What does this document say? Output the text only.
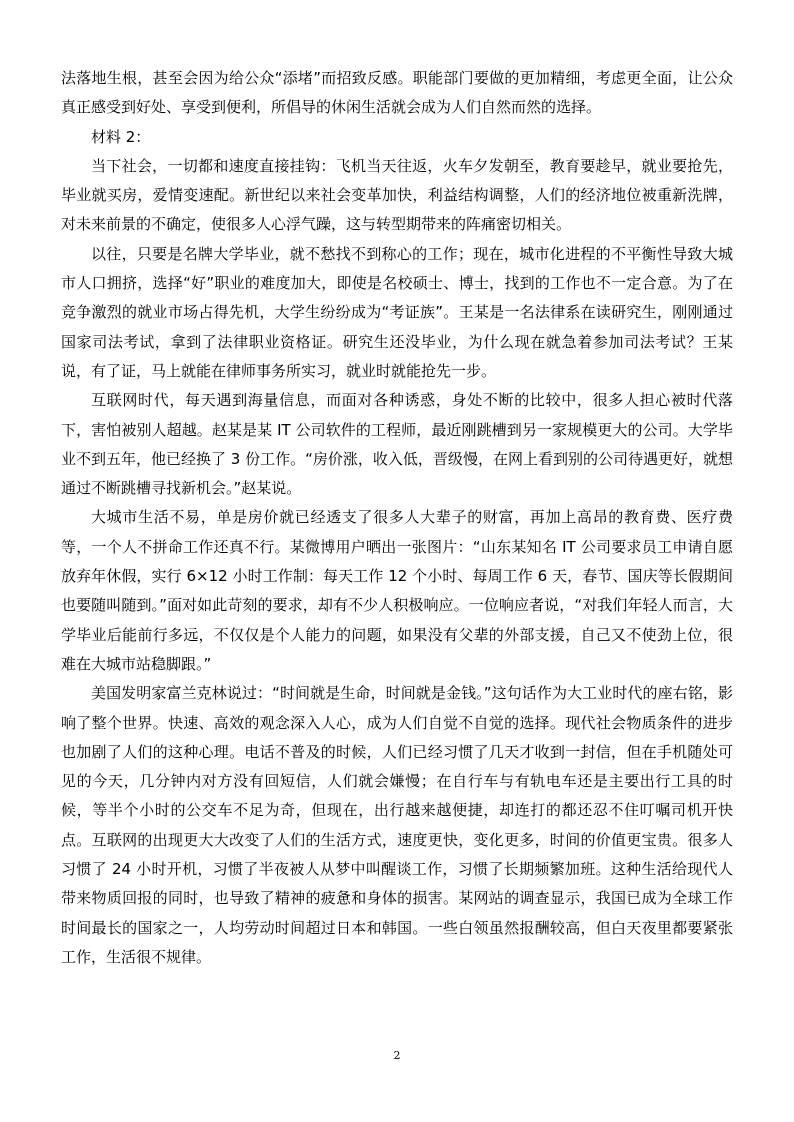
法落地生根，甚至会因为给公众“添堵”而招致反感。职能部门要做的更加精细，考虑更全面，让公众真正感受到好处、享受到便利，所倡导的休闲生活就会成为人们自然而然的选择。

材料 2：

当下社会，一切都和速度直接挂钩：飞机当天往返，火车夕发朝至，教育要趁早，就业要抢先，毕业就买房，爱情变速配。新世纪以来社会变革加快，利益结构调整，人们的经济地位被重新洗牌，对未来前景的不确定，使很多人心浮气躁，这与转型期带来的阵痛密切相关。

以往，只要是名牌大学毕业，就不愁找不到称心的工作；现在，城市化进程的不平衡性导致大城市人口拥挤，选择“好”职业的难度加大，即使是名校硕士、博士，找到的工作也不一定合意。为了在竞争激烈的就业市场占得先机，大学生纷纷成为“考证族”。王某是一名法律系在读研究生，刚刚通过国家司法考试，拿到了法律职业资格证。研究生还没毕业，为什么现在就急着参加司法考试？王某说，有了证，马上就能在律师事务所实习，就业时就能抢先一步。

互联网时代，每天遇到海量信息，而面对各种诱惑，身处不断的比较中，很多人担心被时代落下，害怕被别人超越。赵某是某 IT 公司软件的工程师，最近刚跳槽到另一家规模更大的公司。大学毕业不到五年，他已经换了 3 份工作。“房价涨，收入低，晋级慢，在网上看到别的公司待遇更好，就想通过不断跳槽寻找新机会。”赵某说。

大城市生活不易，单是房价就已经透支了很多人大辈子的财富，再加上高昂的教育费、医疗费等，一个人不拼命工作还真不行。某微博用户晒出一张图片：“山东某知名 IT 公司要求员工申请自愿放弃年休假，实行 6×12 小时工作制：每天工作 12 个小时、每周工作 6 天，春节、国庆等长假期间也要随叫随到。”面对如此苛刻的要求，却有不少人积极响应。一位响应者说，“对我们年轻人而言，大学毕业后能前行多远，不仅仅是个人能力的问题，如果没有父辈的外部支援，自己又不使劲上位，很难在大城市站稳脚跟。”

美国发明家富兰克林说过：“时间就是生命，时间就是金钱。”这句话作为大工业时代的座右铭，影响了整个世界。快速、高效的观念深入人心，成为人们自觉不自觉的选择。现代社会物质条件的进步也加剧了人们的这种心理。电话不普及的时候，人们已经习惯了几天才收到一封信，但在手机随处可见的今天，几分钟内对方没有回短信，人们就会嫌慢；在自行车与有轨电车还是主要出行工具的时候，等半个小时的公交车不足为奇，但现在，出行越来越便捷，却连打的都还忍不住叮嘱司机开快点。互联网的出现更大大改变了人们的生活方式，速度更快，变化更多，时间的价值更宝贵。很多人习惯了 24 小时开机，习惯了半夜被人从梦中叫醒谈工作，习惯了长期频繁加班。这种生活给现代人带来物质回报的同时，也导致了精神的疲惫和身体的损害。某网站的调查显示，我国已成为全球工作时间最长的国家之一，人均劳动时间超过日本和韩国。一些白领虽然报酬较高，但白天夜里都要紧张工作，生活很不规律。

2
